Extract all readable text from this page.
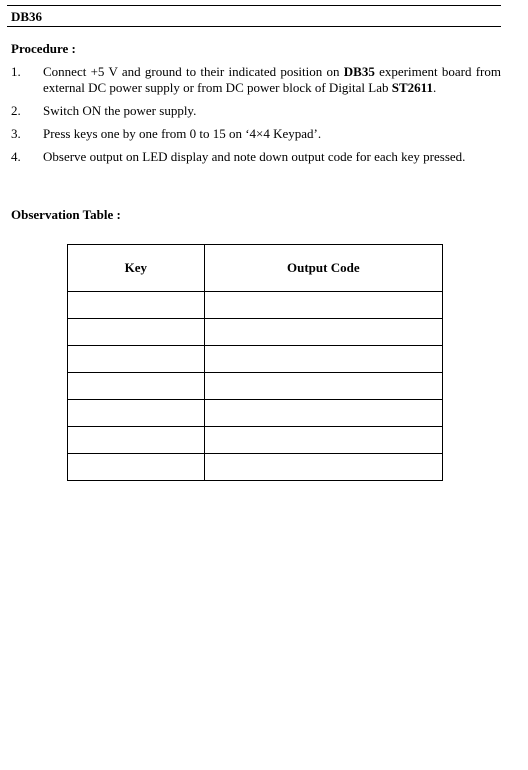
DB36
Procedure :
1.	Connect +5 V and ground to their indicated position on DB35 experiment board from external DC power supply or from DC power block of Digital Lab ST2611.
2.	Switch ON the power supply.
3.	Press keys one by one from 0 to 15 on ‘4×4 Keypad’.
4.	Observe output on LED display and note down output code for each key pressed.
Observation Table :
Key	Output Code
